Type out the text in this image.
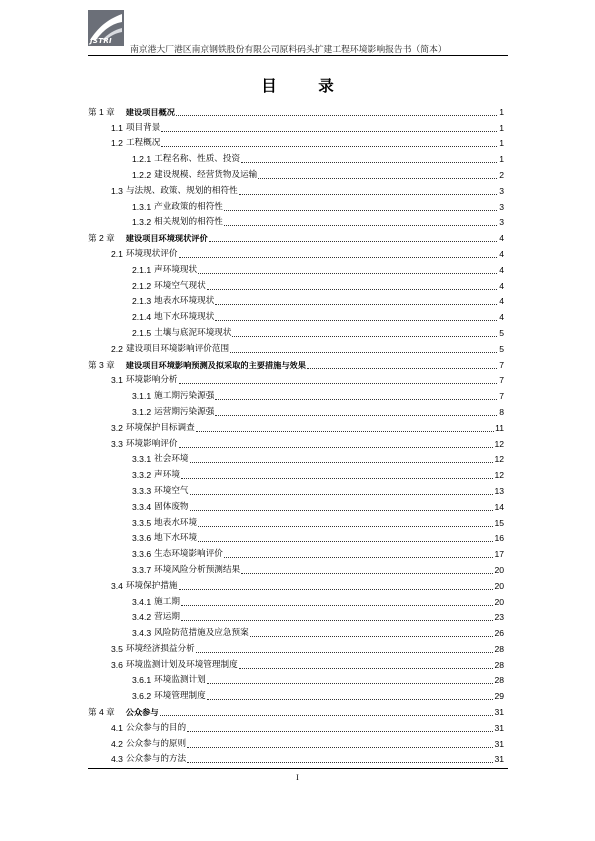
JSTRI
南京港大厂港区南京钢铁股份有限公司原料码头扩建工程环境影响报告书（简本）
目 录
第 1 章 建设项目概况	1
1.1 项目背景	1
1.2 工程概况	1
1.2.1 工程名称、性质、投资	1
1.2.2 建设规模、经营货物及运输	2
1.3 与法规、政策、规划的相符性	3
1.3.1 产业政策的相符性	3
1.3.2 相关规划的相符性	3
第 2 章 建设项目环境现状评价	4
2.1 环境现状评价	4
2.1.1 声环境现状	4
2.1.2 环境空气现状	4
2.1.3 地表水环境现状	4
2.1.4 地下水环境现状	4
2.1.5 土壤与底泥环境现状	5
2.2 建设项目环境影响评价范围	5
第 3 章 建设项目环境影响预测及拟采取的主要措施与效果	7
3.1 环境影响分析	7
3.1.1 施工期污染源强	7
3.1.2 运营期污染源强	8
3.2 环境保护目标调查	11
3.3 环境影响评价	12
3.3.1 社会环境	12
3.3.2 声环境	12
3.3.3 环境空气	13
3.3.4 固体废物	14
3.3.5 地表水环境	15
3.3.6 地下水环境	16
3.3.6 生态环境影响评价	17
3.3.7 环境风险分析预测结果	20
3.4 环境保护措施	20
3.4.1 施工期	20
3.4.2 营运期	23
3.4.3 风险防范措施及应急预案	26
3.5 环境经济损益分析	28
3.6 环境监测计划及环境管理制度	28
3.6.1 环境监测计划	28
3.6.2 环境管理制度	29
第 4 章 公众参与	31
4.1 公众参与的目的	31
4.2 公众参与的原则	31
4.3 公众参与的方法	31
I
